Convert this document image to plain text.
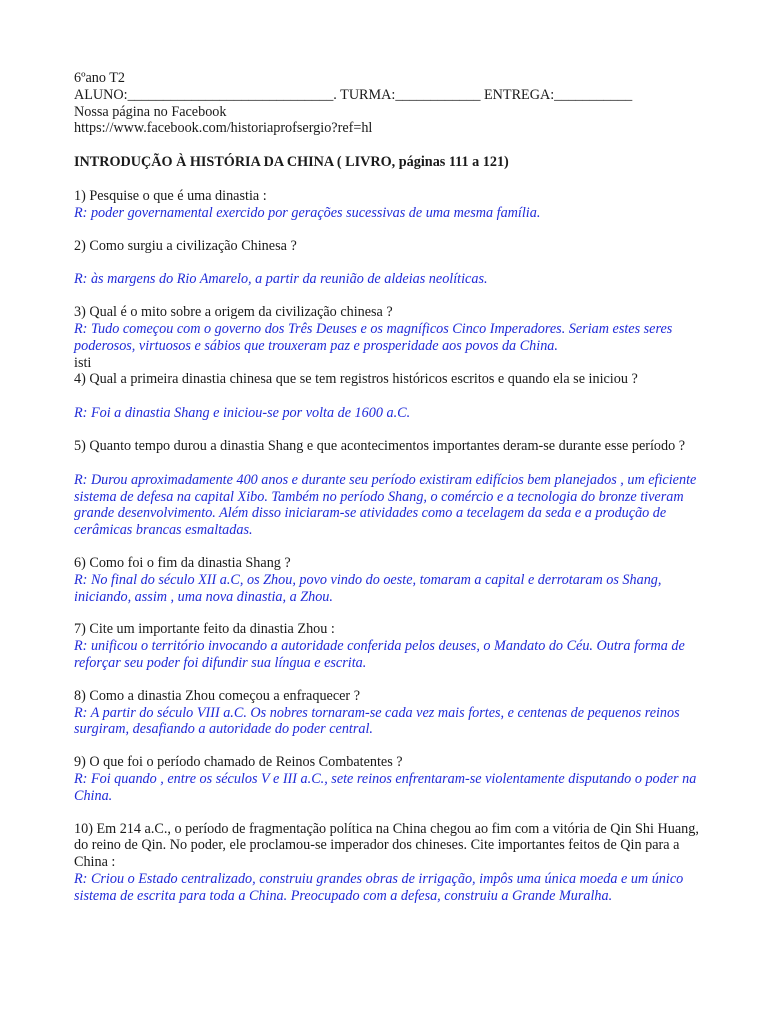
6ºano T2
ALUNO:_____________________________. TURMA:____________ ENTREGA:___________
Nossa página no Facebook
https://www.facebook.com/historiaprofsergio?ref=hl
INTRODUÇÃO À HISTÓRIA DA CHINA ( LIVRO, páginas 111 a 121)
1) Pesquise o que é uma dinastia :
R: poder governamental exercido por gerações sucessivas de uma mesma família.
2) Como surgiu a civilização Chinesa ?
R: às margens do Rio Amarelo, a partir da reunião de aldeias neolíticas.
3) Qual é o mito sobre a origem da civilização chinesa ?
R: Tudo começou com o governo dos Três Deuses e os magníficos Cinco Imperadores. Seriam estes seres poderosos, virtuosos e sábios que trouxeram paz e prosperidade aos povos da China.
isti
4) Qual a primeira dinastia chinesa que se tem registros históricos escritos e quando ela se iniciou ?
R: Foi a dinastia Shang e iniciou-se por volta de 1600 a.C.
5) Quanto tempo durou a dinastia Shang e que acontecimentos importantes deram-se durante esse período ?
R: Durou aproximadamente 400 anos e durante seu período existiram edifícios bem planejados , um eficiente sistema de defesa na capital Xibo. Também no período Shang, o comércio e a tecnologia do bronze tiveram grande desenvolvimento. Além disso iniciaram-se atividades como a tecelagem da seda e a produção de cerâmicas brancas esmaltadas.
6) Como foi o fim da dinastia Shang ?
R: No final do século XII a.C, os Zhou, povo vindo do oeste, tomaram a capital e derrotaram os Shang, iniciando, assim , uma nova dinastia, a Zhou.
7) Cite um importante feito da dinastia Zhou :
R: unificou o território invocando a autoridade conferida pelos deuses, o Mandato do Céu. Outra forma de reforçar seu poder foi difundir sua língua e escrita.
8) Como a dinastia Zhou começou a enfraquecer ?
R: A partir do século VIII a.C. Os nobres tornaram-se cada vez mais fortes, e centenas de pequenos reinos surgiram, desafiando a autoridade do poder central.
9) O que foi o período chamado de Reinos Combatentes ?
R: Foi quando , entre os séculos V e III a.C., sete reinos enfrentaram-se violentamente disputando o poder na China.
10) Em 214 a.C., o período de fragmentação política na China chegou ao fim com a vitória de Qin Shi Huang, do reino de Qin. No poder, ele proclamou-se imperador dos chineses. Cite importantes feitos de Qin para a China :
R: Criou o Estado centralizado, construiu grandes obras de irrigação, impôs uma única moeda e um único sistema de escrita para toda a China. Preocupado com a defesa, construiu a Grande Muralha.
